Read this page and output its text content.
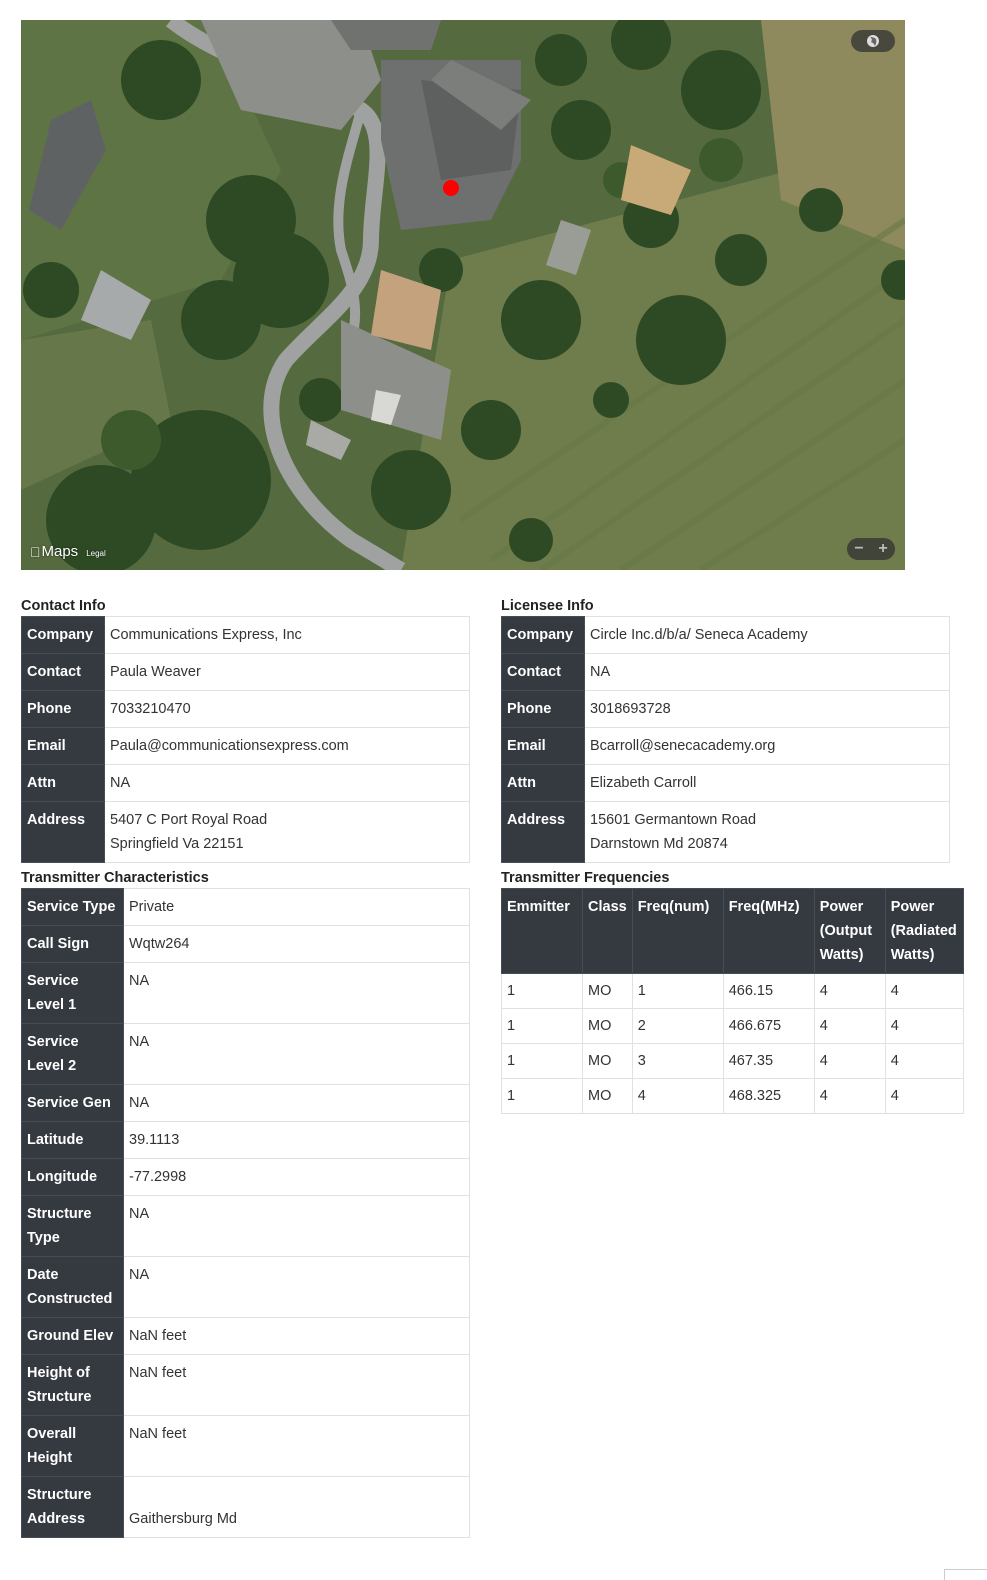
Maps Legal	− +
Contact Info
Company	Communications Express, Inc
Contact	Paula Weaver
Phone	7033210470
Email	Paula@communicationsexpress.com
Attn	NA
Address	5407 C Port Royal Road
Springfield Va 22151
Licensee Info
Company	Circle Inc.d/b/a/ Seneca Academy
Contact	NA
Phone	3018693728
Email	Bcarroll@senecacademy.org
Attn	Elizabeth Carroll
Address	15601 Germantown Road
Darnstown Md 20874
Transmitter Characteristics
Service Type	Private
Call Sign	Wqtw264
Service Level 1	NA
Service Level 2	NA
Service Gen	NA
Latitude	39.1113
Longitude	-77.2998
Structure Type	NA
Date Constructed	NA
Ground Elev	NaN feet
Height of Structure	NaN feet
Overall Height	NaN feet
Structure Address	Gaithersburg Md
Transmitter Frequencies
Emmitter	Class	Freq(num)	Freq(MHz)	Power (Output Watts)	Power (Radiated Watts)
1	MO	1	466.15	4	4
1	MO	2	466.675	4	4
1	MO	3	467.35	4	4
1	MO	4	468.325	4	4
